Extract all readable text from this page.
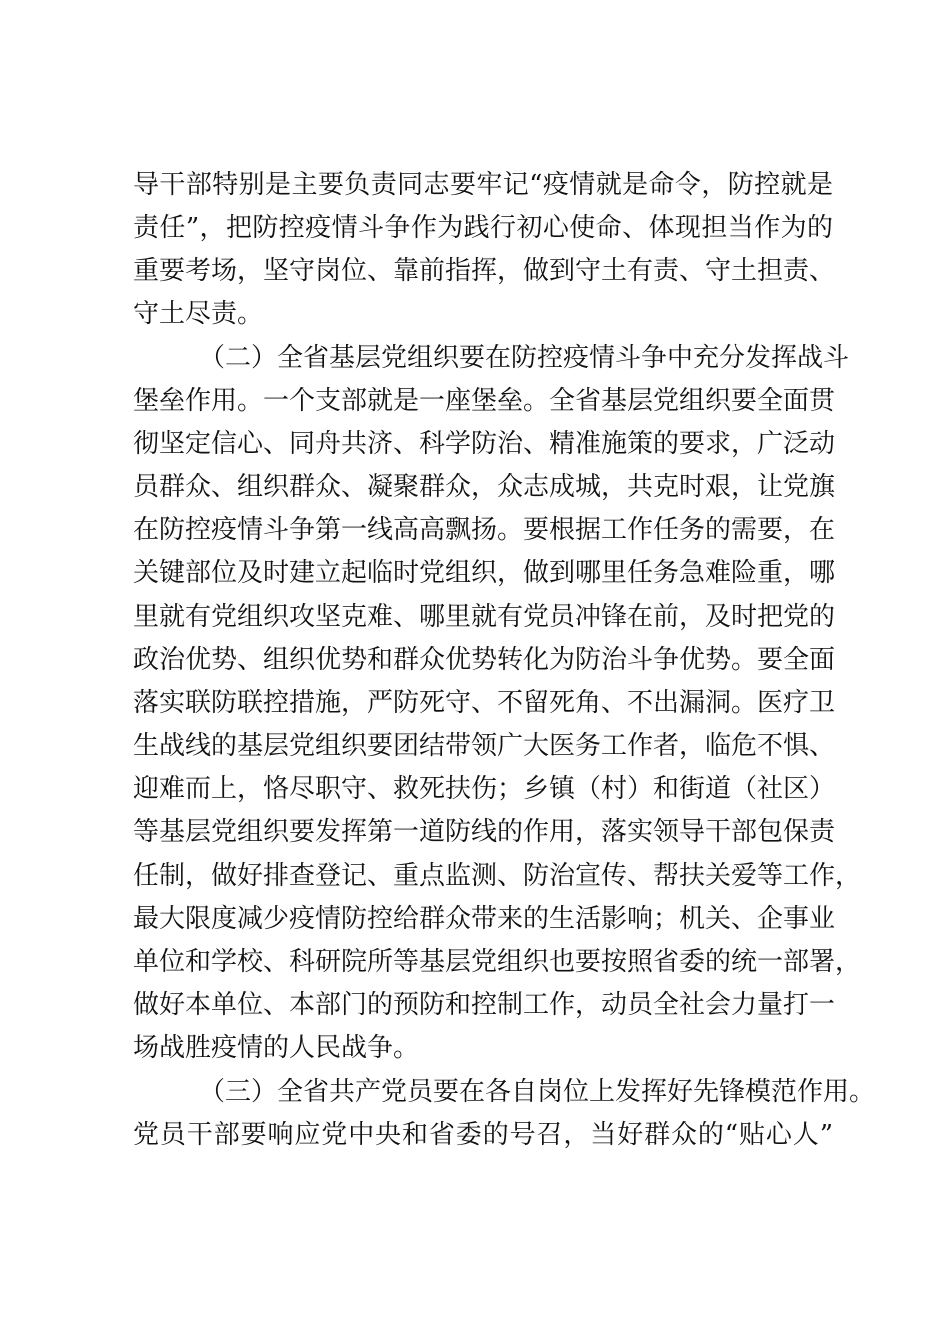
导干部特别是主要负责同志要牢记“疫情就是命令，防控就是
责任”，把防控疫情斗争作为践行初心使命、体现担当作为的
重要考场，坚守岗位、靠前指挥，做到守土有责、守土担责、
守土尽责。
（二）全省基层党组织要在防控疫情斗争中充分发挥战斗
堡垒作用。一个支部就是一座堡垒。全省基层党组织要全面贯
彻坚定信心、同舟共济、科学防治、精准施策的要求，广泛动
员群众、组织群众、凝聚群众，众志成城，共克时艰，让党旗
在防控疫情斗争第一线高高飘扬。要根据工作任务的需要，在
关键部位及时建立起临时党组织，做到哪里任务急难险重，哪
里就有党组织攻坚克难、哪里就有党员冲锋在前，及时把党的
政治优势、组织优势和群众优势转化为防治斗争优势。要全面
落实联防联控措施，严防死守、不留死角、不出漏洞。医疗卫
生战线的基层党组织要团结带领广大医务工作者，临危不惧、
迎难而上，恪尽职守、救死扶伤；乡镇（村）和街道（社区）
等基层党组织要发挥第一道防线的作用，落实领导干部包保责
任制，做好排查登记、重点监测、防治宣传、帮扶关爱等工作，
最大限度减少疫情防控给群众带来的生活影响；机关、企事业
单位和学校、科研院所等基层党组织也要按照省委的统一部署，
做好本单位、本部门的预防和控制工作，动员全社会力量打一
场战胜疫情的人民战争。
（三）全省共产党员要在各自岗位上发挥好先锋模范作用。
党员干部要响应党中央和省委的号召，当好群众的“贴心人”
